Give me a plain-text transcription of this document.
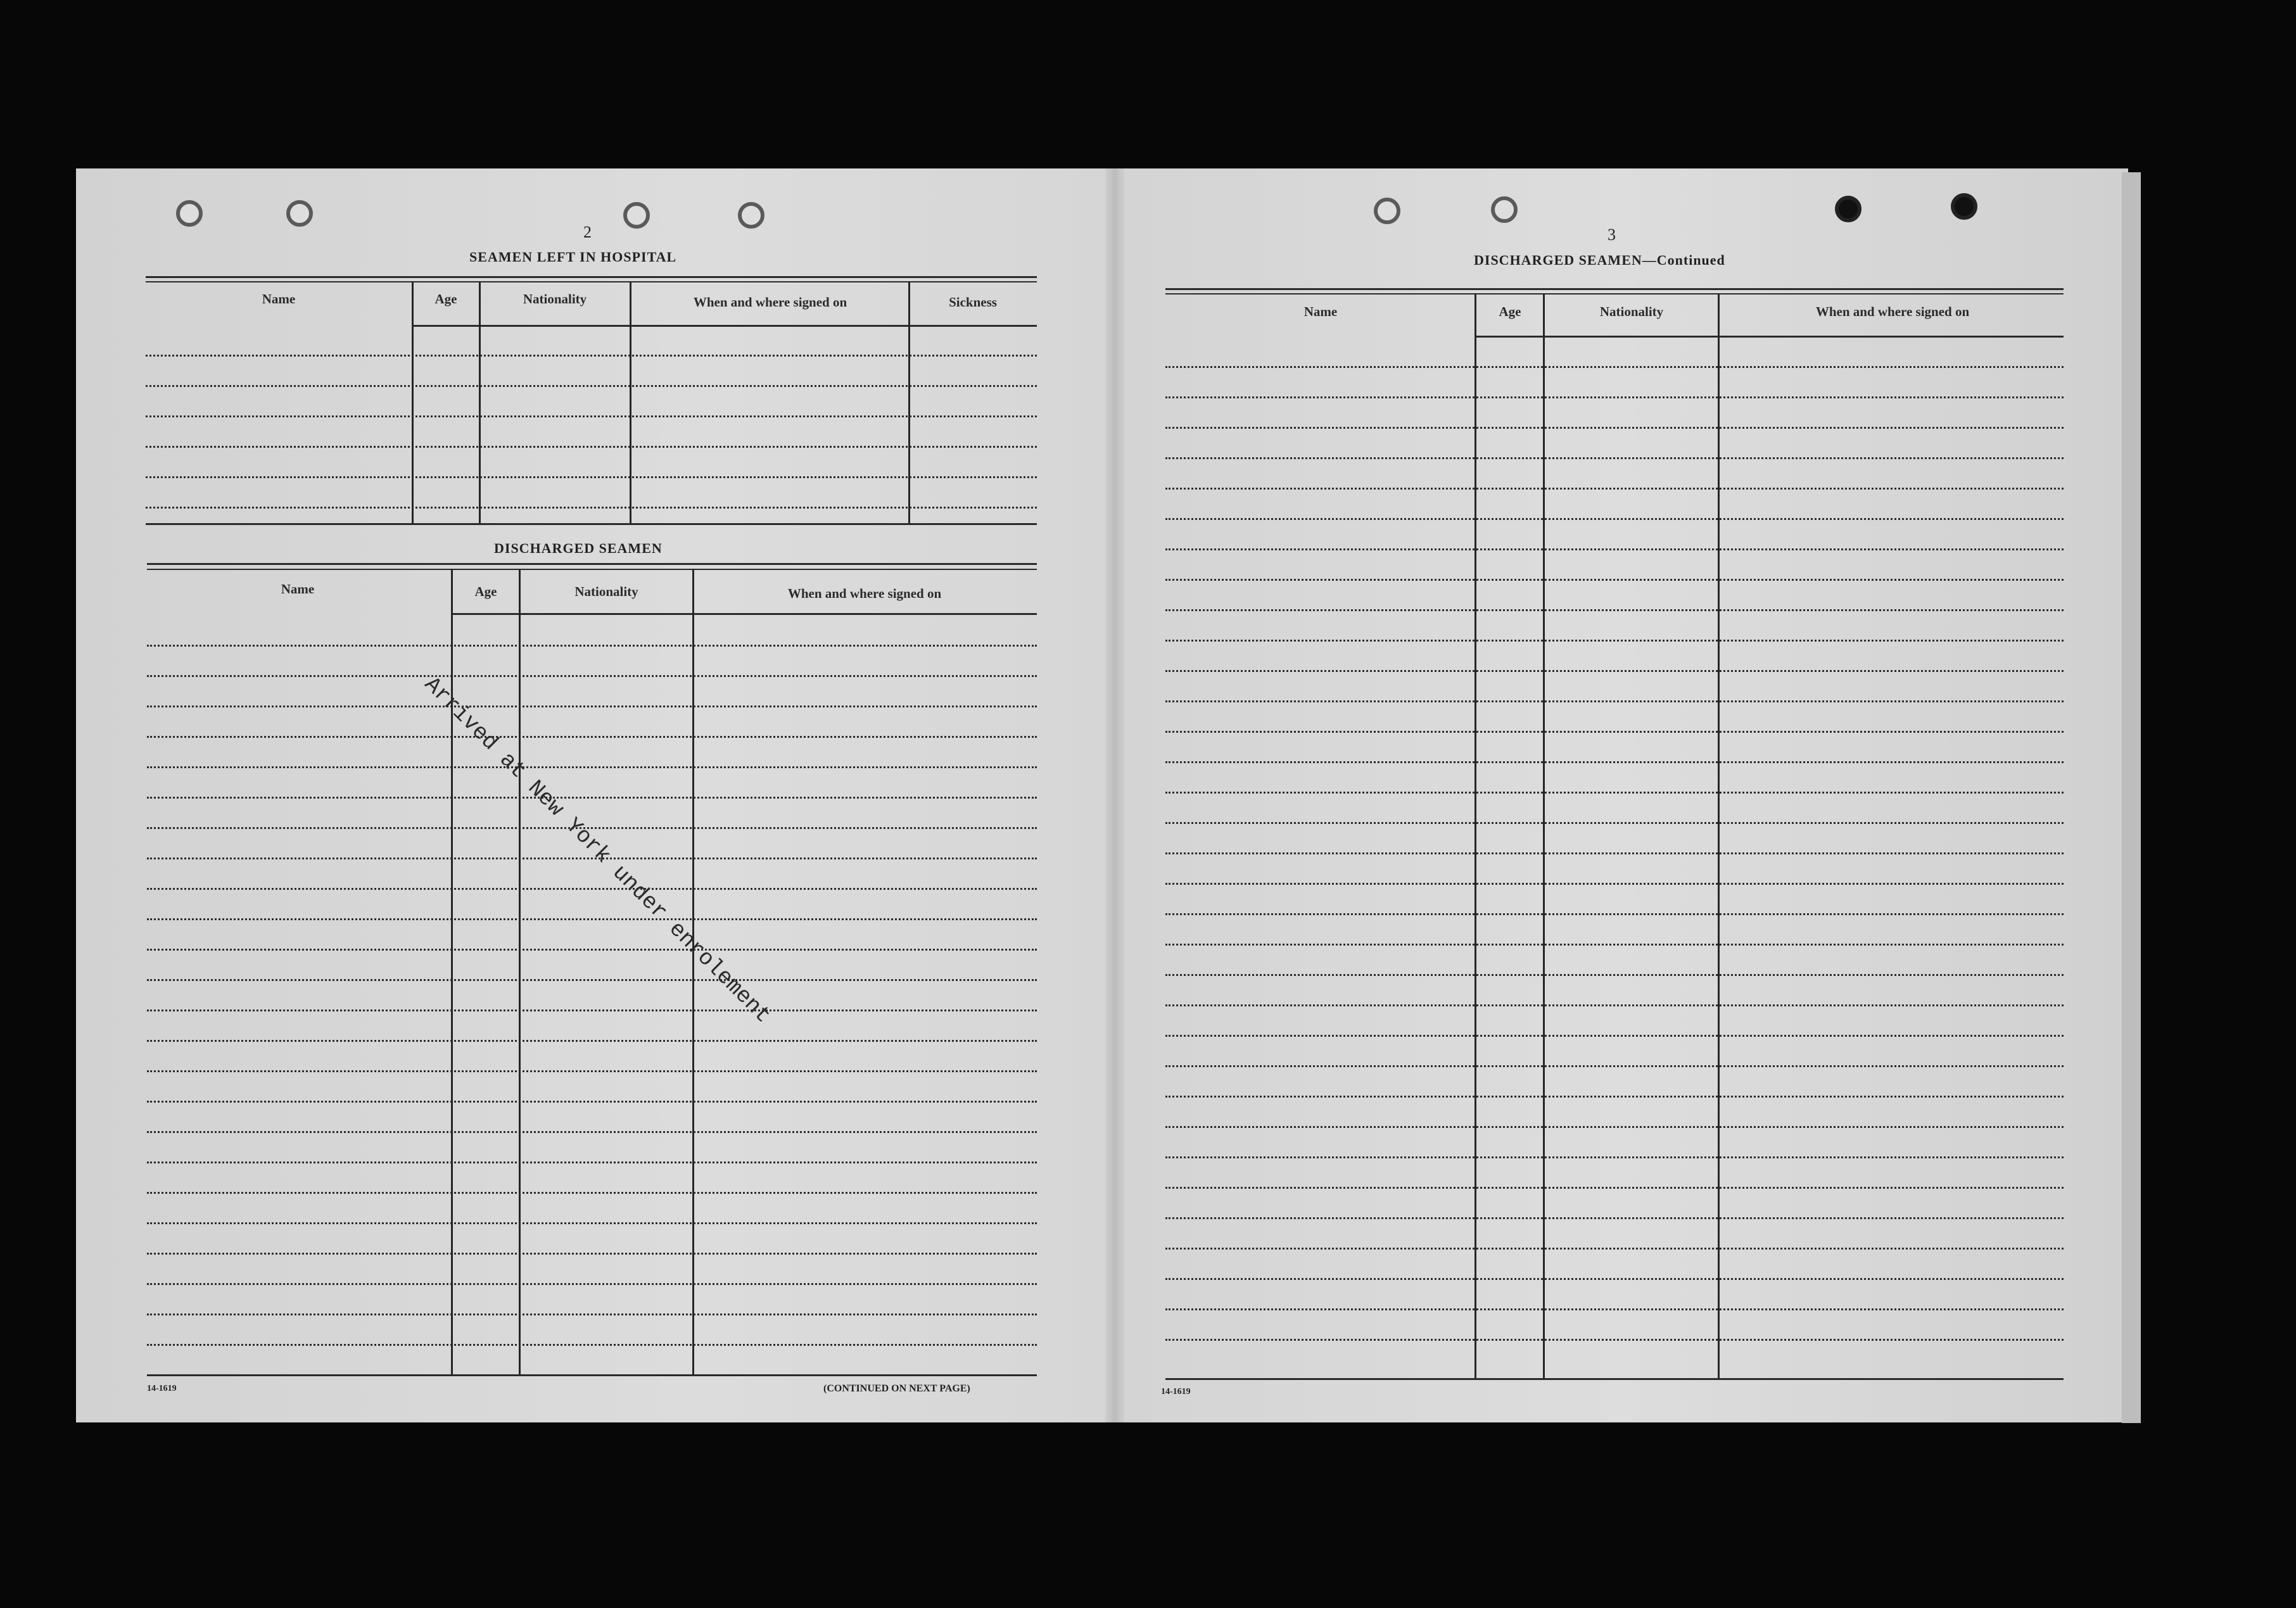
2
SEAMEN LEFT IN HOSPITAL
Name	Age	Nationality	When and where signed on	Sickness
DISCHARGED SEAMEN
Name	Age	Nationality	When and where signed on
Arrived at New York under enrolement
14-1619	(CONTINUED ON NEXT PAGE)
3
DISCHARGED SEAMEN—Continued
Name	Age	Nationality	When and where signed on
14-1619
